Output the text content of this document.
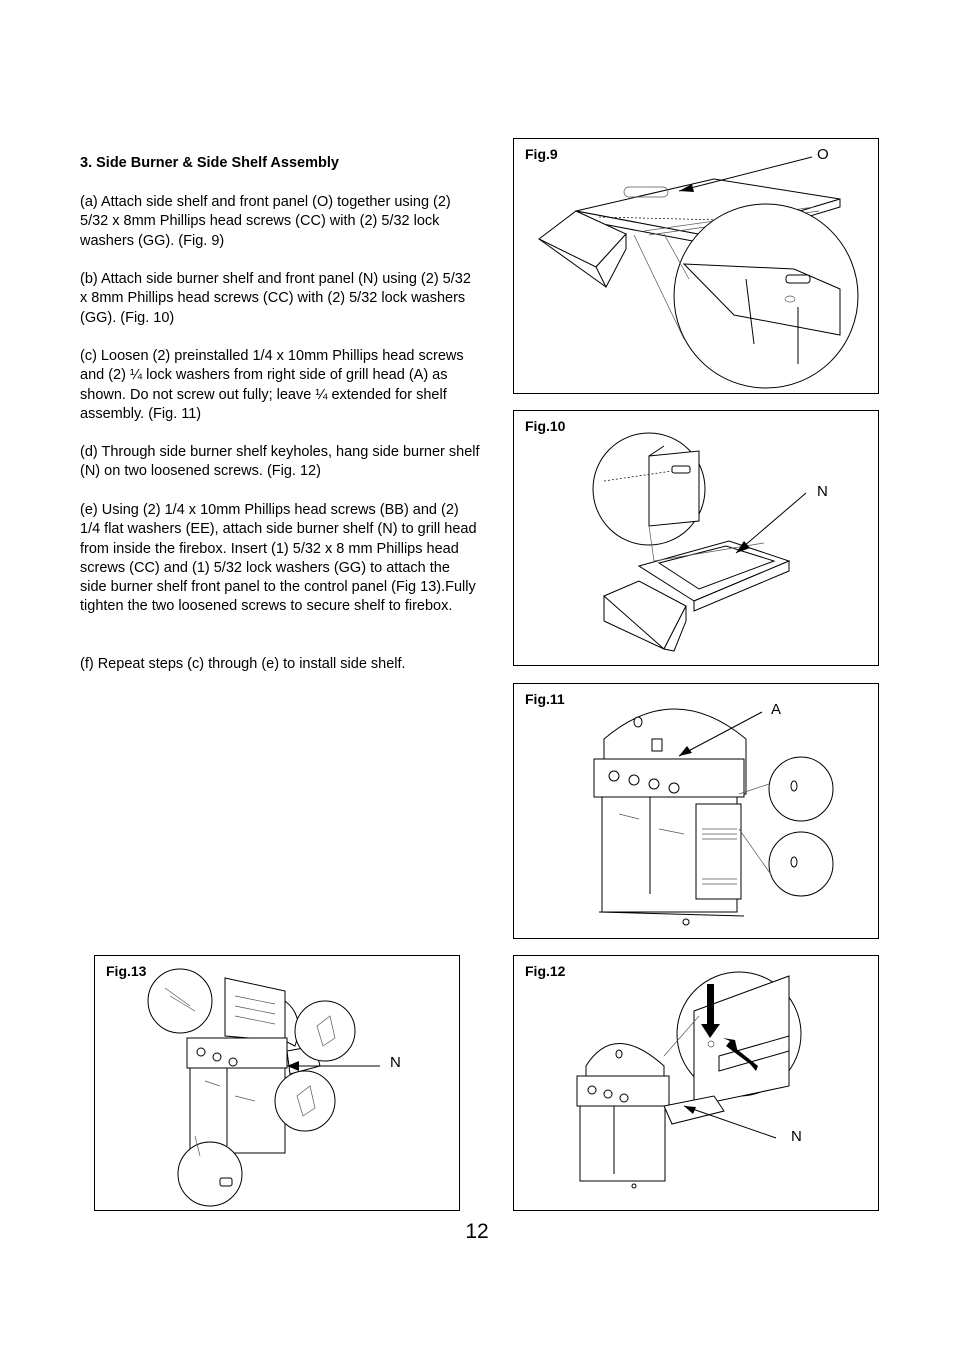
3. Side Burner & Side Shelf Assembly

(a) Attach side shelf and front panel (O) together using (2) 5/32 x 8mm Phillips head screws (CC) with (2) 5/32 lock washers (GG). (Fig. 9)

(b) Attach side burner shelf and front panel (N) using (2) 5/32 x 8mm Phillips head screws (CC) with (2) 5/32 lock washers (GG). (Fig. 10)

(c) Loosen (2) preinstalled 1/4 x 10mm Phillips head screws and (2) ¼ lock washers from right side of grill head (A) as shown. Do not screw out fully; leave ¼ extended for shelf assembly. (Fig. 11)

(d) Through side burner shelf keyholes, hang side burner shelf (N) on two loosened screws. (Fig. 12)

(e) Using (2) 1/4 x 10mm Phillips head screws (BB) and (2) 1/4 flat washers (EE), attach side burner shelf (N) to grill head from inside the firebox. Insert (1) 5/32 x 8 mm Phillips head screws (CC) and (1) 5/32 lock washers (GG) to attach the side burner shelf front panel to the control panel (Fig 13).Fully tighten the two loosened screws to secure shelf to firebox.

(f) Repeat steps (c) through (e) to install side shelf.

Fig.9	O
Fig.10
N
Fig.11
A
Fig.12
N
Fig.13
N
12
